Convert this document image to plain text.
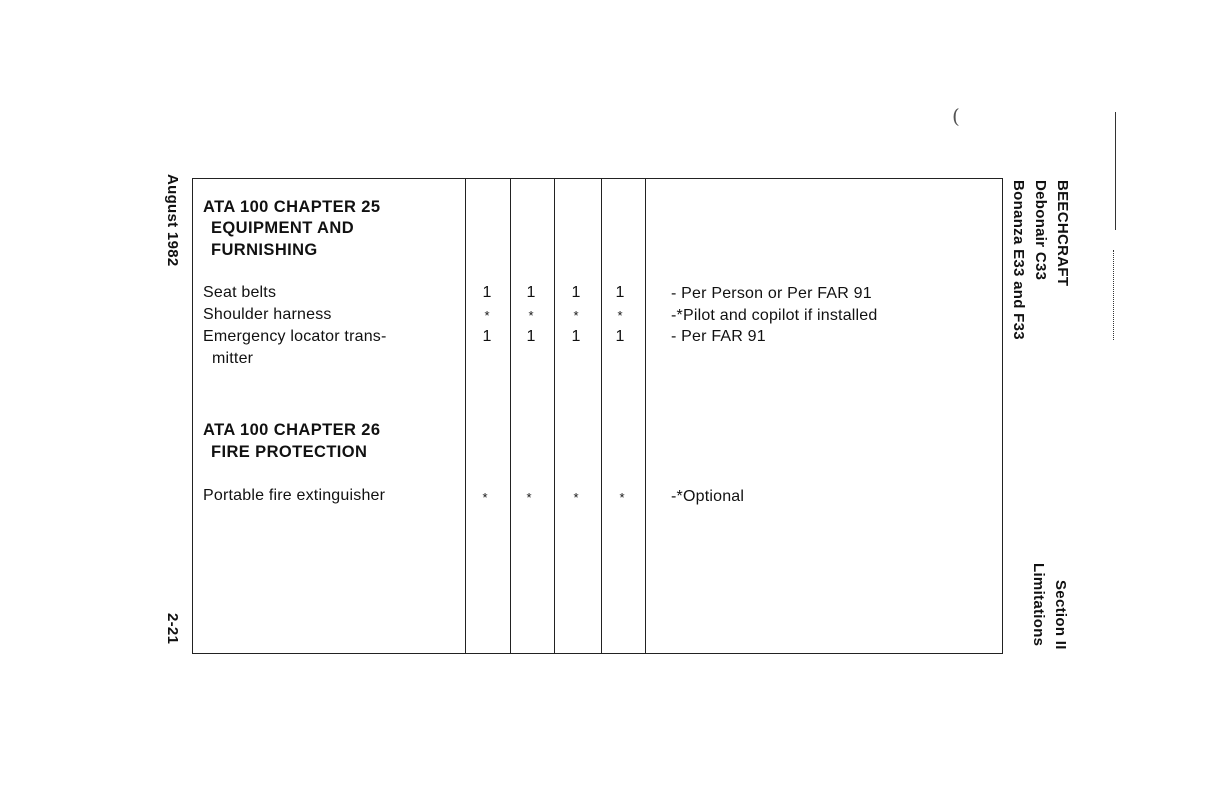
August 1982
2-21
BEECHCRAFT
Debonair C33
Bonanza E33 and F33
Section II
Limitations
ATA 100 CHAPTER 25
EQUIPMENT AND
FURNISHING
Seat belts	1	1	1	1	- Per Person or Per FAR 91
Shoulder harness	*	*	*	*	-*Pilot and copilot if installed
Emergency locator trans-
mitter
1	1	1	1	- Per FAR 91
ATA 100 CHAPTER 26
FIRE PROTECTION
Portable fire extinguisher	*	*	*	*	-*Optional
(
